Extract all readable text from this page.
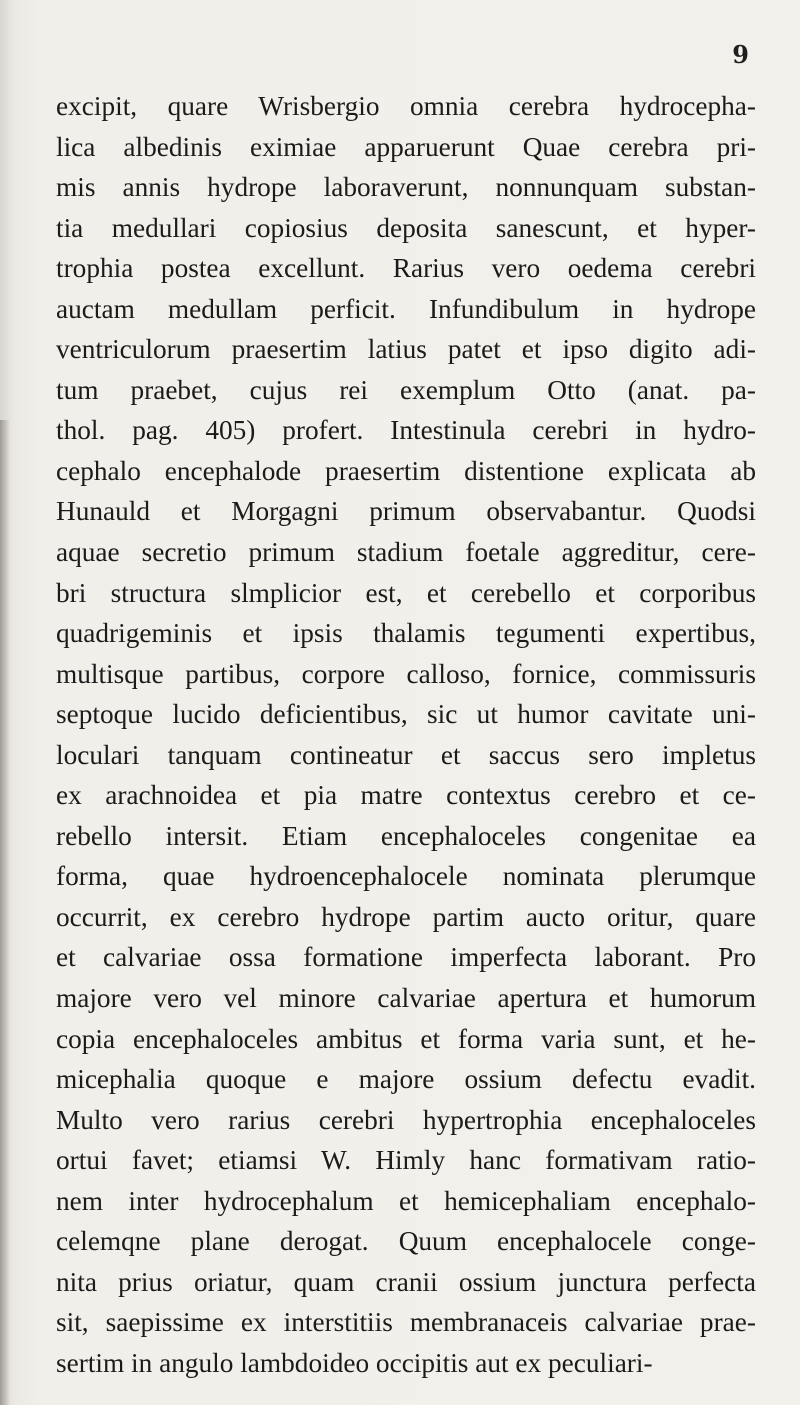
9
excipit, quare Wrisbergio omnia cerebra hydrocepha-
lica albedinis eximiae apparuerunt Quae cerebra pri-
mis annis hydrope laboraverunt, nonnunquam substan-
tia medullari copiosius deposita sanescunt, et hyper-
trophia postea excellunt. Rarius vero oedema cerebri
auctam medullam perficit. Infundibulum in hydrope
ventriculorum praesertim latius patet et ipso digito adi-
tum praebet, cujus rei exemplum Otto (anat. pa-
thol. pag. 405) profert. Intestinula cerebri in hydro-
cephalo encephalode praesertim distentione explicata ab
Hunauld et Morgagni primum observabantur. Quodsi
aquae secretio primum stadium foetale aggreditur, cere-
bri structura slmplicior est, et cerebello et corporibus
quadrigeminis et ipsis thalamis tegumenti expertibus,
multisque partibus, corpore calloso, fornice, commissuris
septoque lucido deficientibus, sic ut humor cavitate uni-
loculari tanquam contineatur et saccus sero impletus
ex arachnoidea et pia matre contextus cerebro et ce-
rebello intersit. Etiam encephaloceles congenitae ea
forma, quae hydroencephalocele nominata plerumque
occurrit, ex cerebro hydrope partim aucto oritur, quare
et calvariae ossa formatione imperfecta laborant. Pro
majore vero vel minore calvariae apertura et humorum
copia encephaloceles ambitus et forma varia sunt, et he-
micephalia quoque e majore ossium defectu evadit.
Multo vero rarius cerebri hypertrophia encephaloceles
ortui favet; etiamsi W. Himly hanc formativam ratio-
nem inter hydrocephalum et hemicephaliam encephalo-
celemqne plane derogat. Quum encephalocele conge-
nita prius oriatur, quam cranii ossium junctura perfecta
sit, saepissime ex interstitiis membranaceis calvariae prae-
sertim in angulo lambdoideo occipitis aut ex peculiari-
